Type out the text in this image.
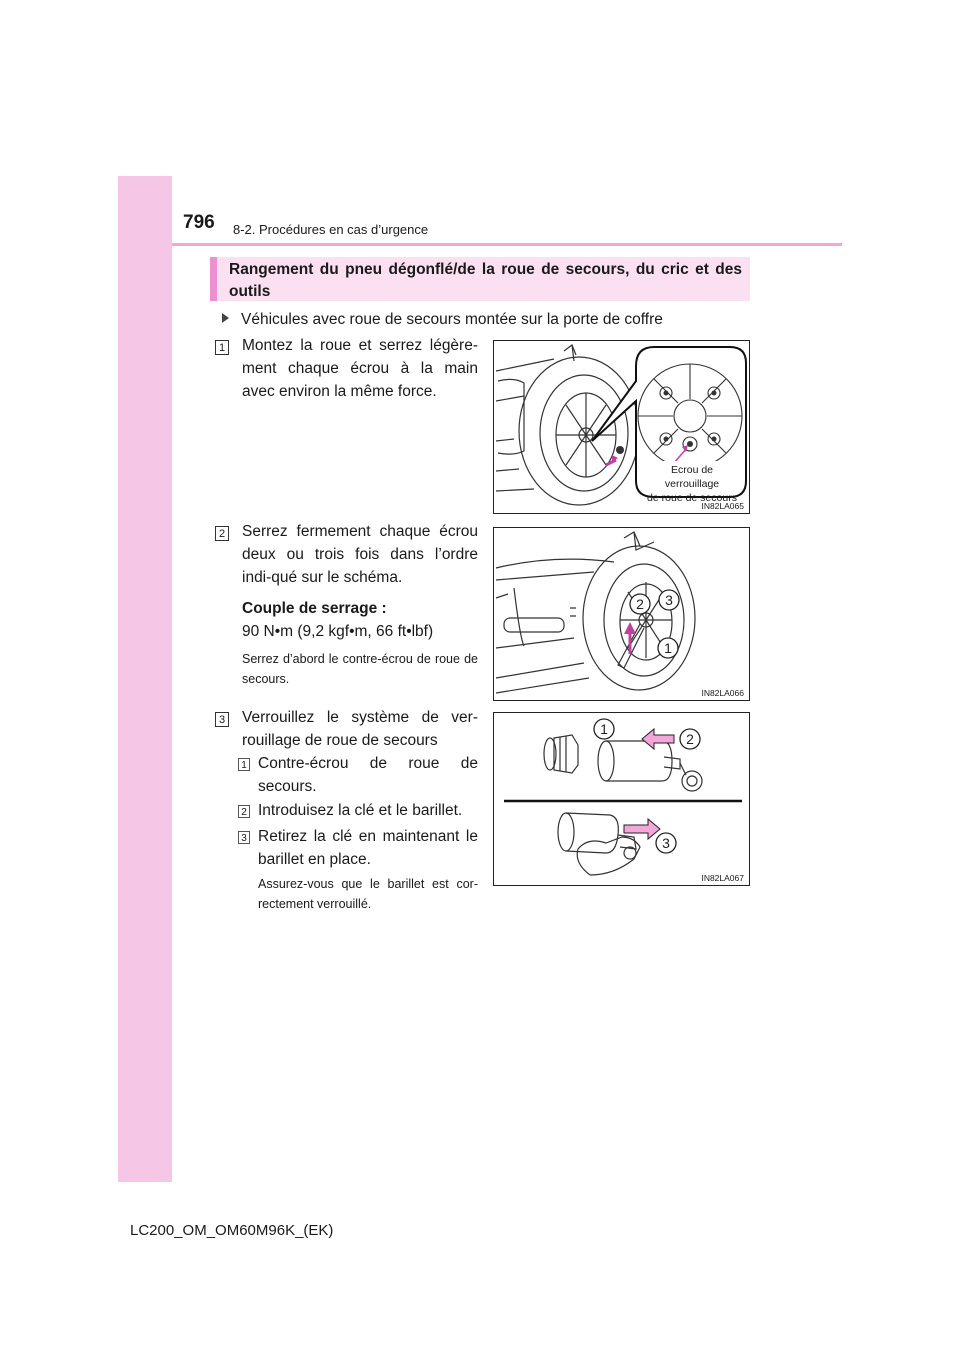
796 8-2. Procédures en cas d’urgence
Rangement du pneu dégonflé/de la roue de secours, du cric et des outils
Véhicules avec roue de secours montée sur la porte de coffre
1 Montez la roue et serrez légère-ment chaque écrou à la main avec environ la même force.
Ecrou de verrouillage
de roue de secours
IN82LA065
2 Serrez fermement chaque écrou deux ou trois fois dans l’ordre indi-qué sur le schéma.
Couple de serrage :
90 N•m (9,2 kgf•m, 66 ft•lbf)
Serrez d’abord le contre-écrou de roue de secours.
1
2 3
IN82LA066
3 Verrouillez le système de ver-rouillage de roue de secours
1 Contre-écrou de roue de secours.
2 Introduisez la clé et le barillet.
3 Retirez la clé en maintenant le barillet en place.
Assurez-vous que le barillet est cor-rectement verrouillé.
1
2
3
IN82LA067
LC200_OM_OM60M96K_(EK)
